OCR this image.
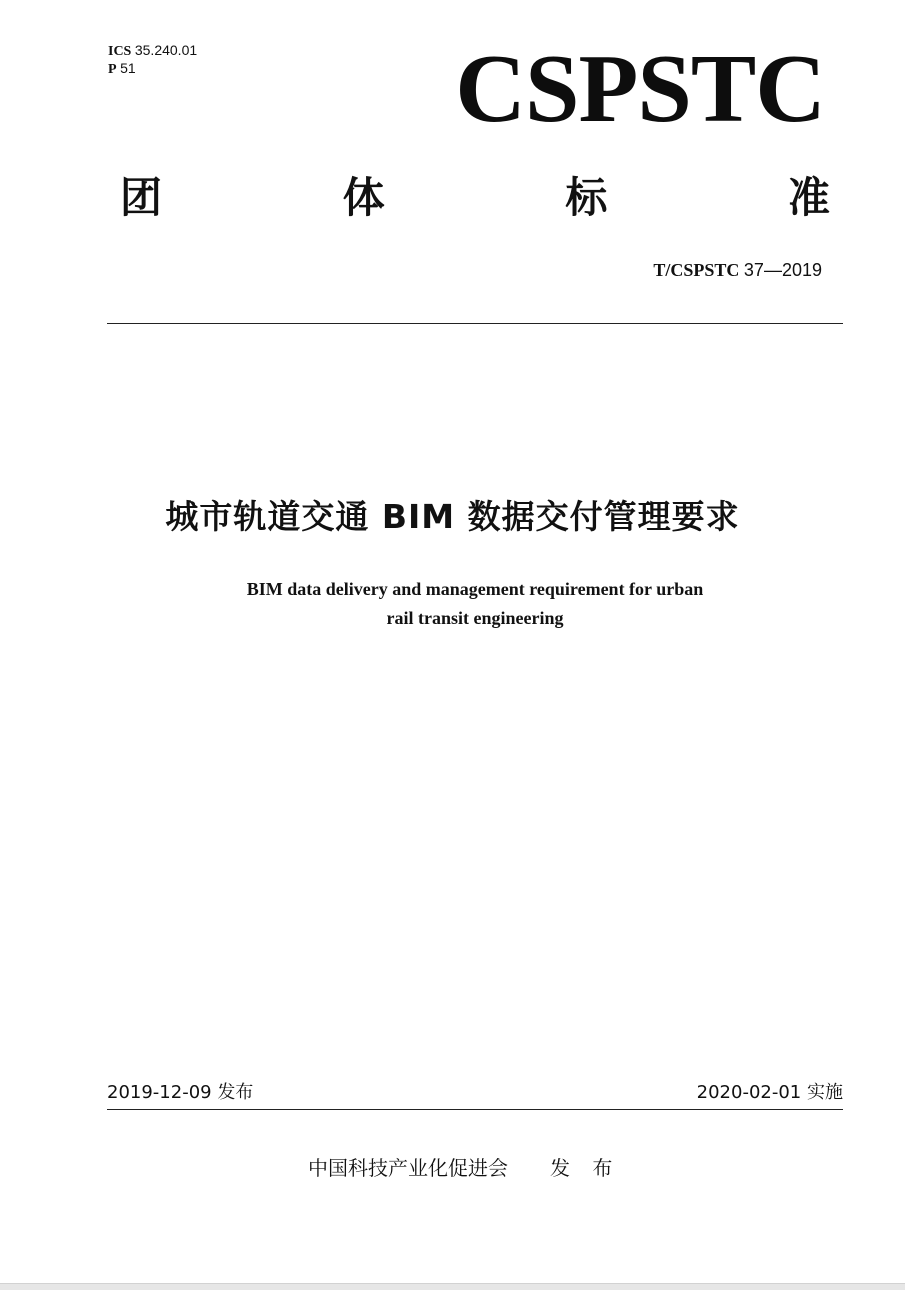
ICS 35.240.01
P 51	CSPSTC
团	体	标	准
T/CSPSTC 37—2019
城市轨道交通 BIM 数据交付管理要求
BIM data delivery and management requirement for urban
rail transit engineering
2019-12-09 发布	2020-02-01 实施
中国科技产业化促进会 发 布
